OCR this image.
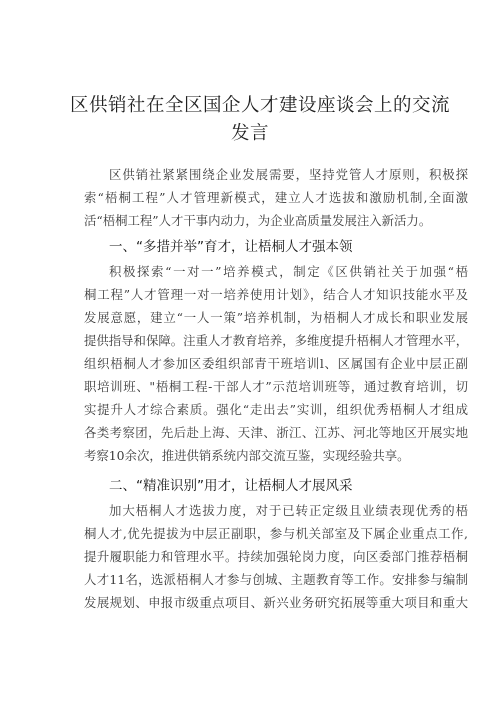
区供销社在全区国企人才建设座谈会上的交流
发言
区供销社紧紧围绕企业发展需要，坚持党管人才原则，积极探
索“梧桐工程”人才管理新模式，建立人才选拔和激励机制,全面激
活“梧桐工程”人才干事内动力，为企业高质量发展注入新活力。
一、“多措并举”育才，让梧桐人才强本领
积极探索“一对一”培养模式，制定《区供销社关于加强“梧
桐工程”人才管理一对一培养使用计划》，结合人才知识技能水平及
发展意愿，建立“一人一策”培养机制，为梧桐人才成长和职业发展
提供指导和保障。注重人才教育培养，多维度提升梧桐人才管理水平，
组织梧桐人才参加区委组织部青干班培训l、区属国有企业中层正副
职培训班、"梧桐工程-干部人才”示范培训班等，通过教育培训，切
实提升人才综合素质。强化“走出去”实训，组织优秀梧桐人才组成
各类考察团，先后赴上海、天津、浙江、江苏、河北等地区开展实地
考察10余次，推进供销系统内部交流互鉴，实现经验共享。
二、“精准识别”用才，让梧桐人才展风采
加大梧桐人才选拔力度，对于已转正定级且业绩表现优秀的梧
桐人才,优先提拔为中层正副职，参与机关部室及下属企业重点工作,
提升履职能力和管理水平。持续加强轮岗力度，向区委部门推荐梧桐
人才11名，选派梧桐人才参与创城、主题教育等工作。安排参与编制
发展规划、申报市级重点项目、新兴业务研究拓展等重大项目和重大
